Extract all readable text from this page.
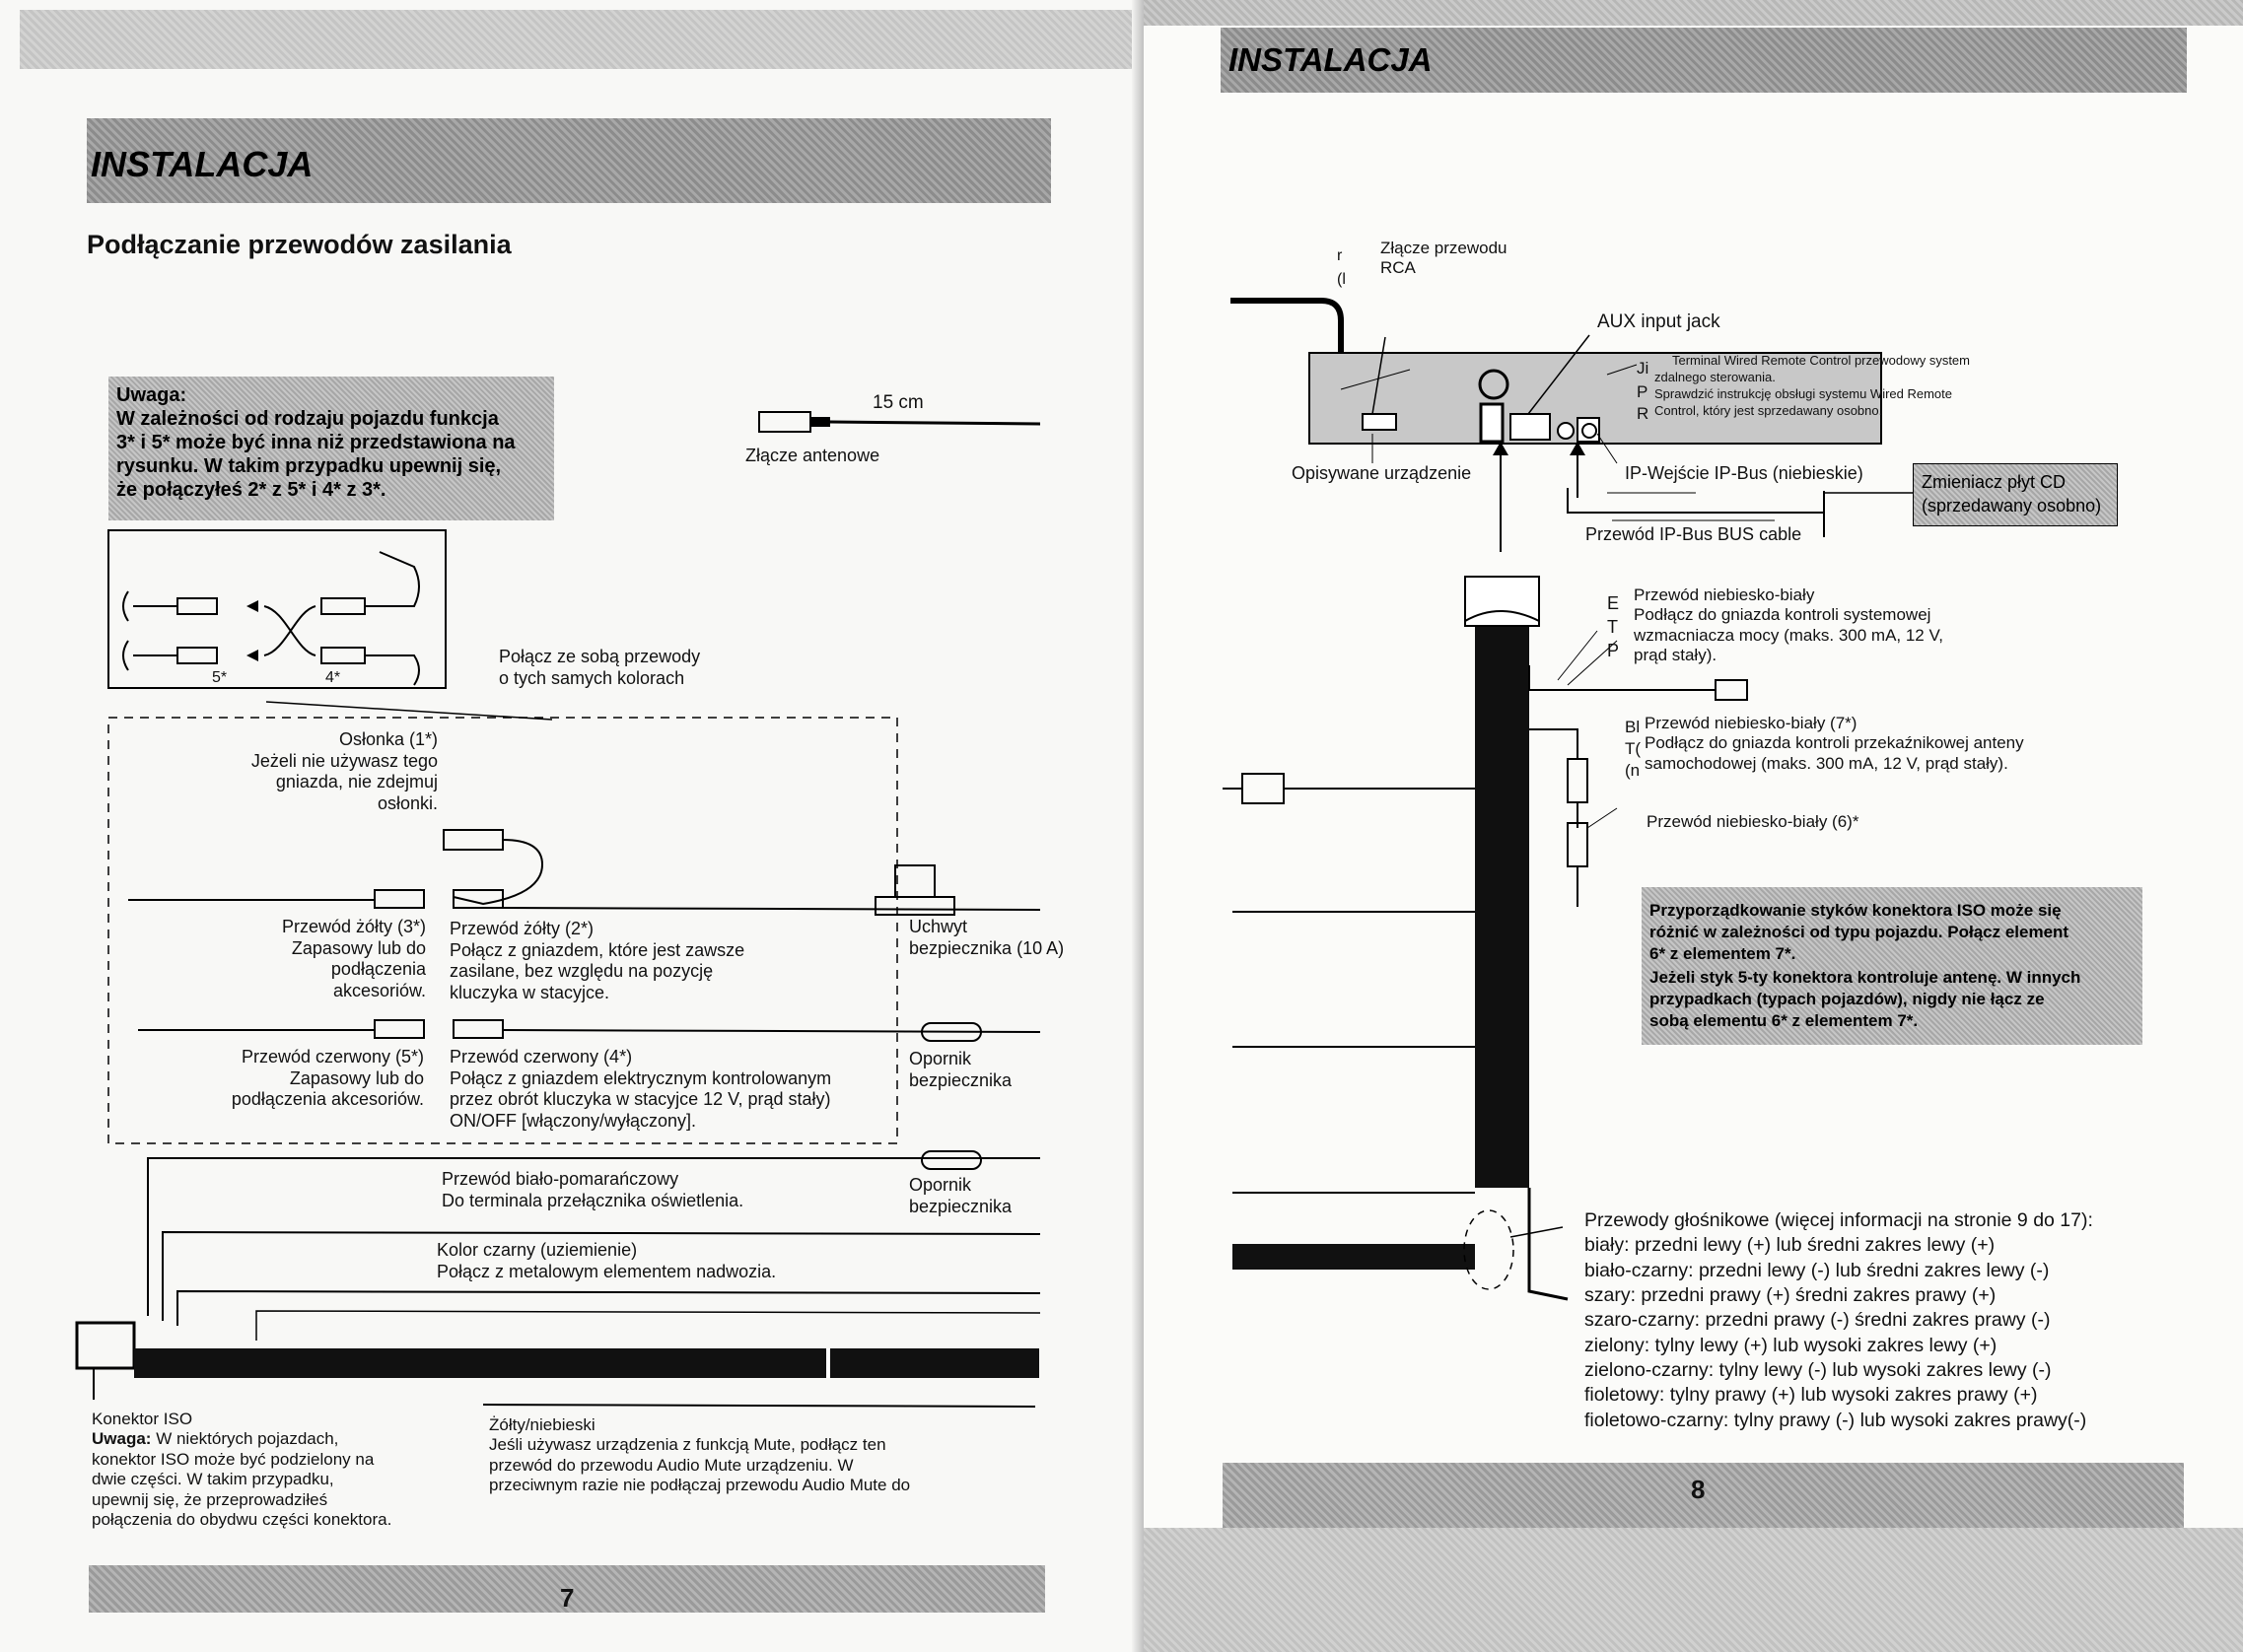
INSTALACJA
Podłączanie przewodów zasilania
Uwaga:
W zależności od rodzaju pojazdu funkcja
3* i 5* może być inna niż przedstawiona na
rysunku. W takim przypadku upewnij się,
że połączyłeś 2* z 5* i 4* z 3*.
15 cm
Złącze antenowe
5*	4*
Połącz ze sobą przewody
o tych samych kolorach
Osłonka (1*)
Jeżeli nie używasz tego
gniazda, nie zdejmuj
osłonki.
Przewód żółty (3*)
Zapasowy lub do
podłączenia
akcesoriów.
Przewód żółty (2*)
Połącz z gniazdem, które jest zawsze
zasilane, bez względu na pozycję
kluczyka w stacyjce.
Uchwyt
bezpiecznika (10 A)
Przewód czerwony (5*)
Zapasowy lub do
podłączenia akcesoriów.
Przewód czerwony (4*)
Połącz z gniazdem elektrycznym kontrolowanym
przez obrót kluczyka w stacyjce 12 V, prąd stały)
ON/OFF [włączony/wyłączony].
Opornik
bezpiecznika
Przewód biało-pomarańczowy
Do terminala przełącznika oświetlenia.
Opornik
bezpiecznika
Kolor czarny (uziemienie)
Połącz z metalowym elementem nadwozia.
Konektor ISO
Uwaga: W niektórych pojazdach,
konektor ISO może być podzielony na
dwie części. W takim przypadku,
upewnij się, że przeprowadziłeś
połączenia do obydwu części konektora.
Żółty/niebieski
Jeśli używasz urządzenia z funkcją Mute, podłącz ten
przewód do przewodu Audio Mute urządzeniu. W
przeciwnym razie nie podłączaj przewodu Audio Mute do
7
INSTALACJA
r
(l
Złącze przewodu
RCA
AUX input jack
Ji
P
R
Terminal Wired Remote Control przewodowy system
zdalnego sterowania.
Sprawdzić instrukcję obsługi systemu Wired Remote
Control, który jest sprzedawany osobno.
Opisywane urządzenie	IP-Wejście IP-Bus (niebieskie)
Przewód IP-Bus BUS cable
Zmieniacz płyt CD
(sprzedawany osobno)
E
T
P
Przewód niebiesko-biały
Podłącz do gniazda kontroli systemowej
wzmacniacza mocy (maks. 300 mA, 12 V,
prąd stały).
Bl
T(
(n
Przewód niebiesko-biały (7*)
Podłącz do gniazda kontroli przekaźnikowej anteny
samochodowej (maks. 300 mA, 12 V, prąd stały).
Przewód niebiesko-biały (6)*
Przyporządkowanie styków konektora ISO może się
różnić w zależności od typu pojazdu. Połącz element
6* z elementem 7*.
Jeżeli styk 5-ty konektora kontroluje antenę. W innych
przypadkach (typach pojazdów), nigdy nie łącz ze
sobą elementu 6* z elementem 7*.
Przewody głośnikowe (więcej informacji na stronie 9 do 17):
biały: przedni lewy (+) lub średni zakres lewy (+)
biało-czarny: przedni lewy (-) lub średni zakres lewy (-)
szary: przedni prawy (+) średni zakres prawy (+)
szaro-czarny: przedni prawy (-) średni zakres prawy (-)
zielony: tylny lewy (+) lub wysoki zakres lewy (+)
zielono-czarny: tylny lewy (-) lub wysoki zakres lewy (-)
fioletowy: tylny prawy (+) lub wysoki zakres prawy (+)
fioletowo-czarny: tylny prawy (-) lub wysoki zakres prawy(-)
8
